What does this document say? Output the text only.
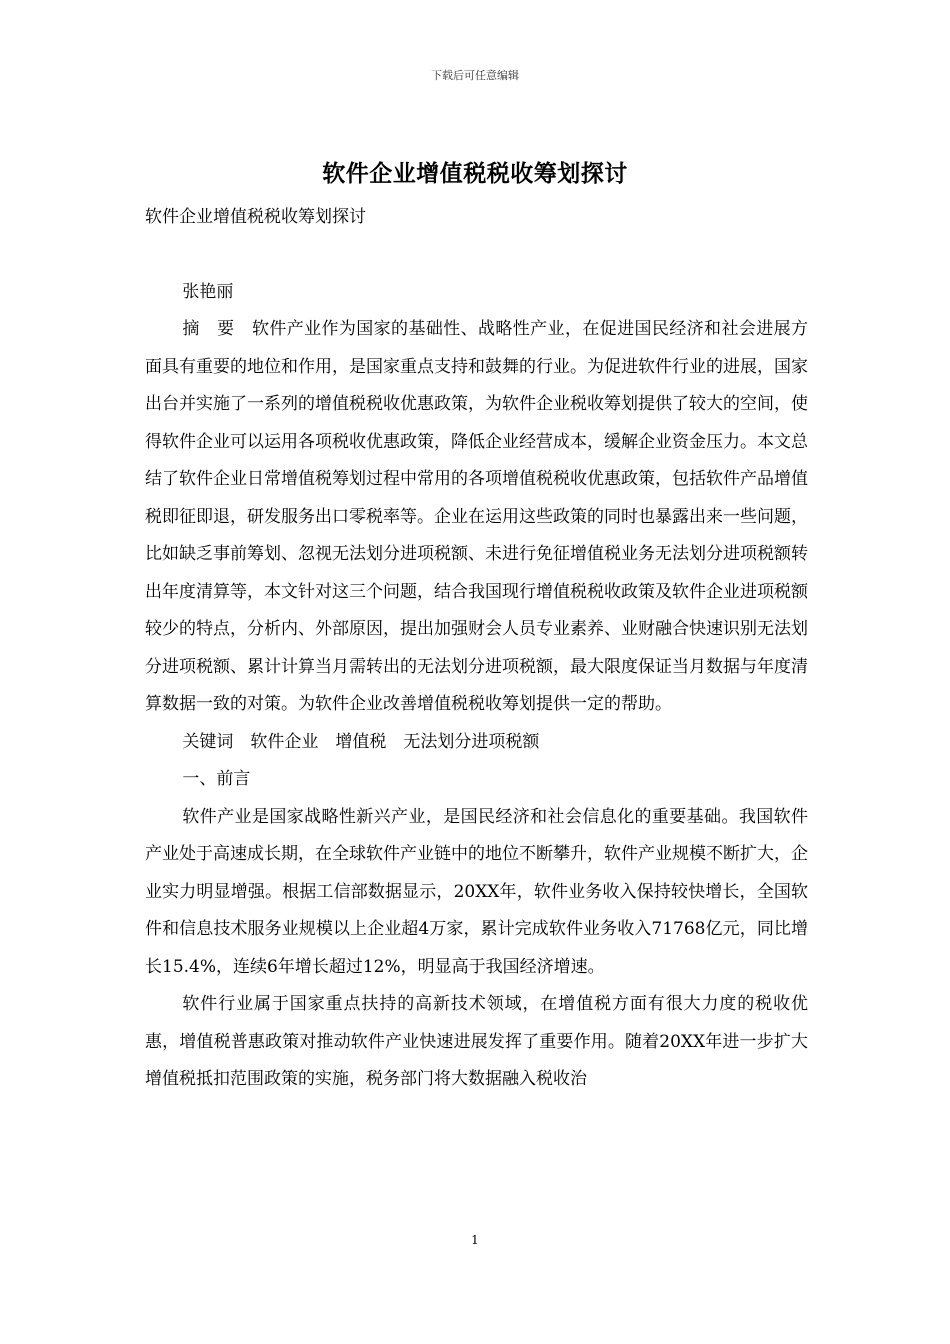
下载后可任意编辑
软件企业增值税税收筹划探讨

软件企业增值税税收筹划探讨

张艳丽

摘　要　软件产业作为国家的基础性、战略性产业，在促进国民经济和社会进展方面具有重要的地位和作用，是国家重点支持和鼓舞的行业。为促进软件行业的进展，国家出台并实施了一系列的增值税税收优惠政策，为软件企业税收筹划提供了较大的空间，使得软件企业可以运用各项税收优惠政策，降低企业经营成本，缓解企业资金压力。本文总结了软件企业日常增值税筹划过程中常用的各项增值税税收优惠政策，包括软件产品增值税即征即退，研发服务出口零税率等。企业在运用这些政策的同时也暴露出来一些问题，比如缺乏事前筹划、忽视无法划分进项税额、未进行免征增值税业务无法划分进项税额转出年度清算等，本文针对这三个问题，结合我国现行增值税税收政策及软件企业进项税额较少的特点，分析内、外部原因，提出加强财会人员专业素养、业财融合快速识别无法划分进项税额、累计计算当月需转出的无法划分进项税额，最大限度保证当月数据与年度清算数据一致的对策。为软件企业改善增值税税收筹划提供一定的帮助。

关键词　软件企业　增值税　无法划分进项税额

一、前言

软件产业是国家战略性新兴产业，是国民经济和社会信息化的重要基础。我国软件产业处于高速成长期，在全球软件产业链中的地位不断攀升，软件产业规模不断扩大，企业实力明显增强。根据工信部数据显示，20XX年，软件业务收入保持较快增长，全国软件和信息技术服务业规模以上企业超4万家，累计完成软件业务收入71768亿元，同比增长15.4%，连续6年增长超过12%，明显高于我国经济增速。

软件行业属于国家重点扶持的高新技术领域，在增值税方面有很大力度的税收优惠，增值税普惠政策对推动软件产业快速进展发挥了重要作用。随着20XX年进一步扩大增值税抵扣范围政策的实施，税务部门将大数据融入税收治

1
